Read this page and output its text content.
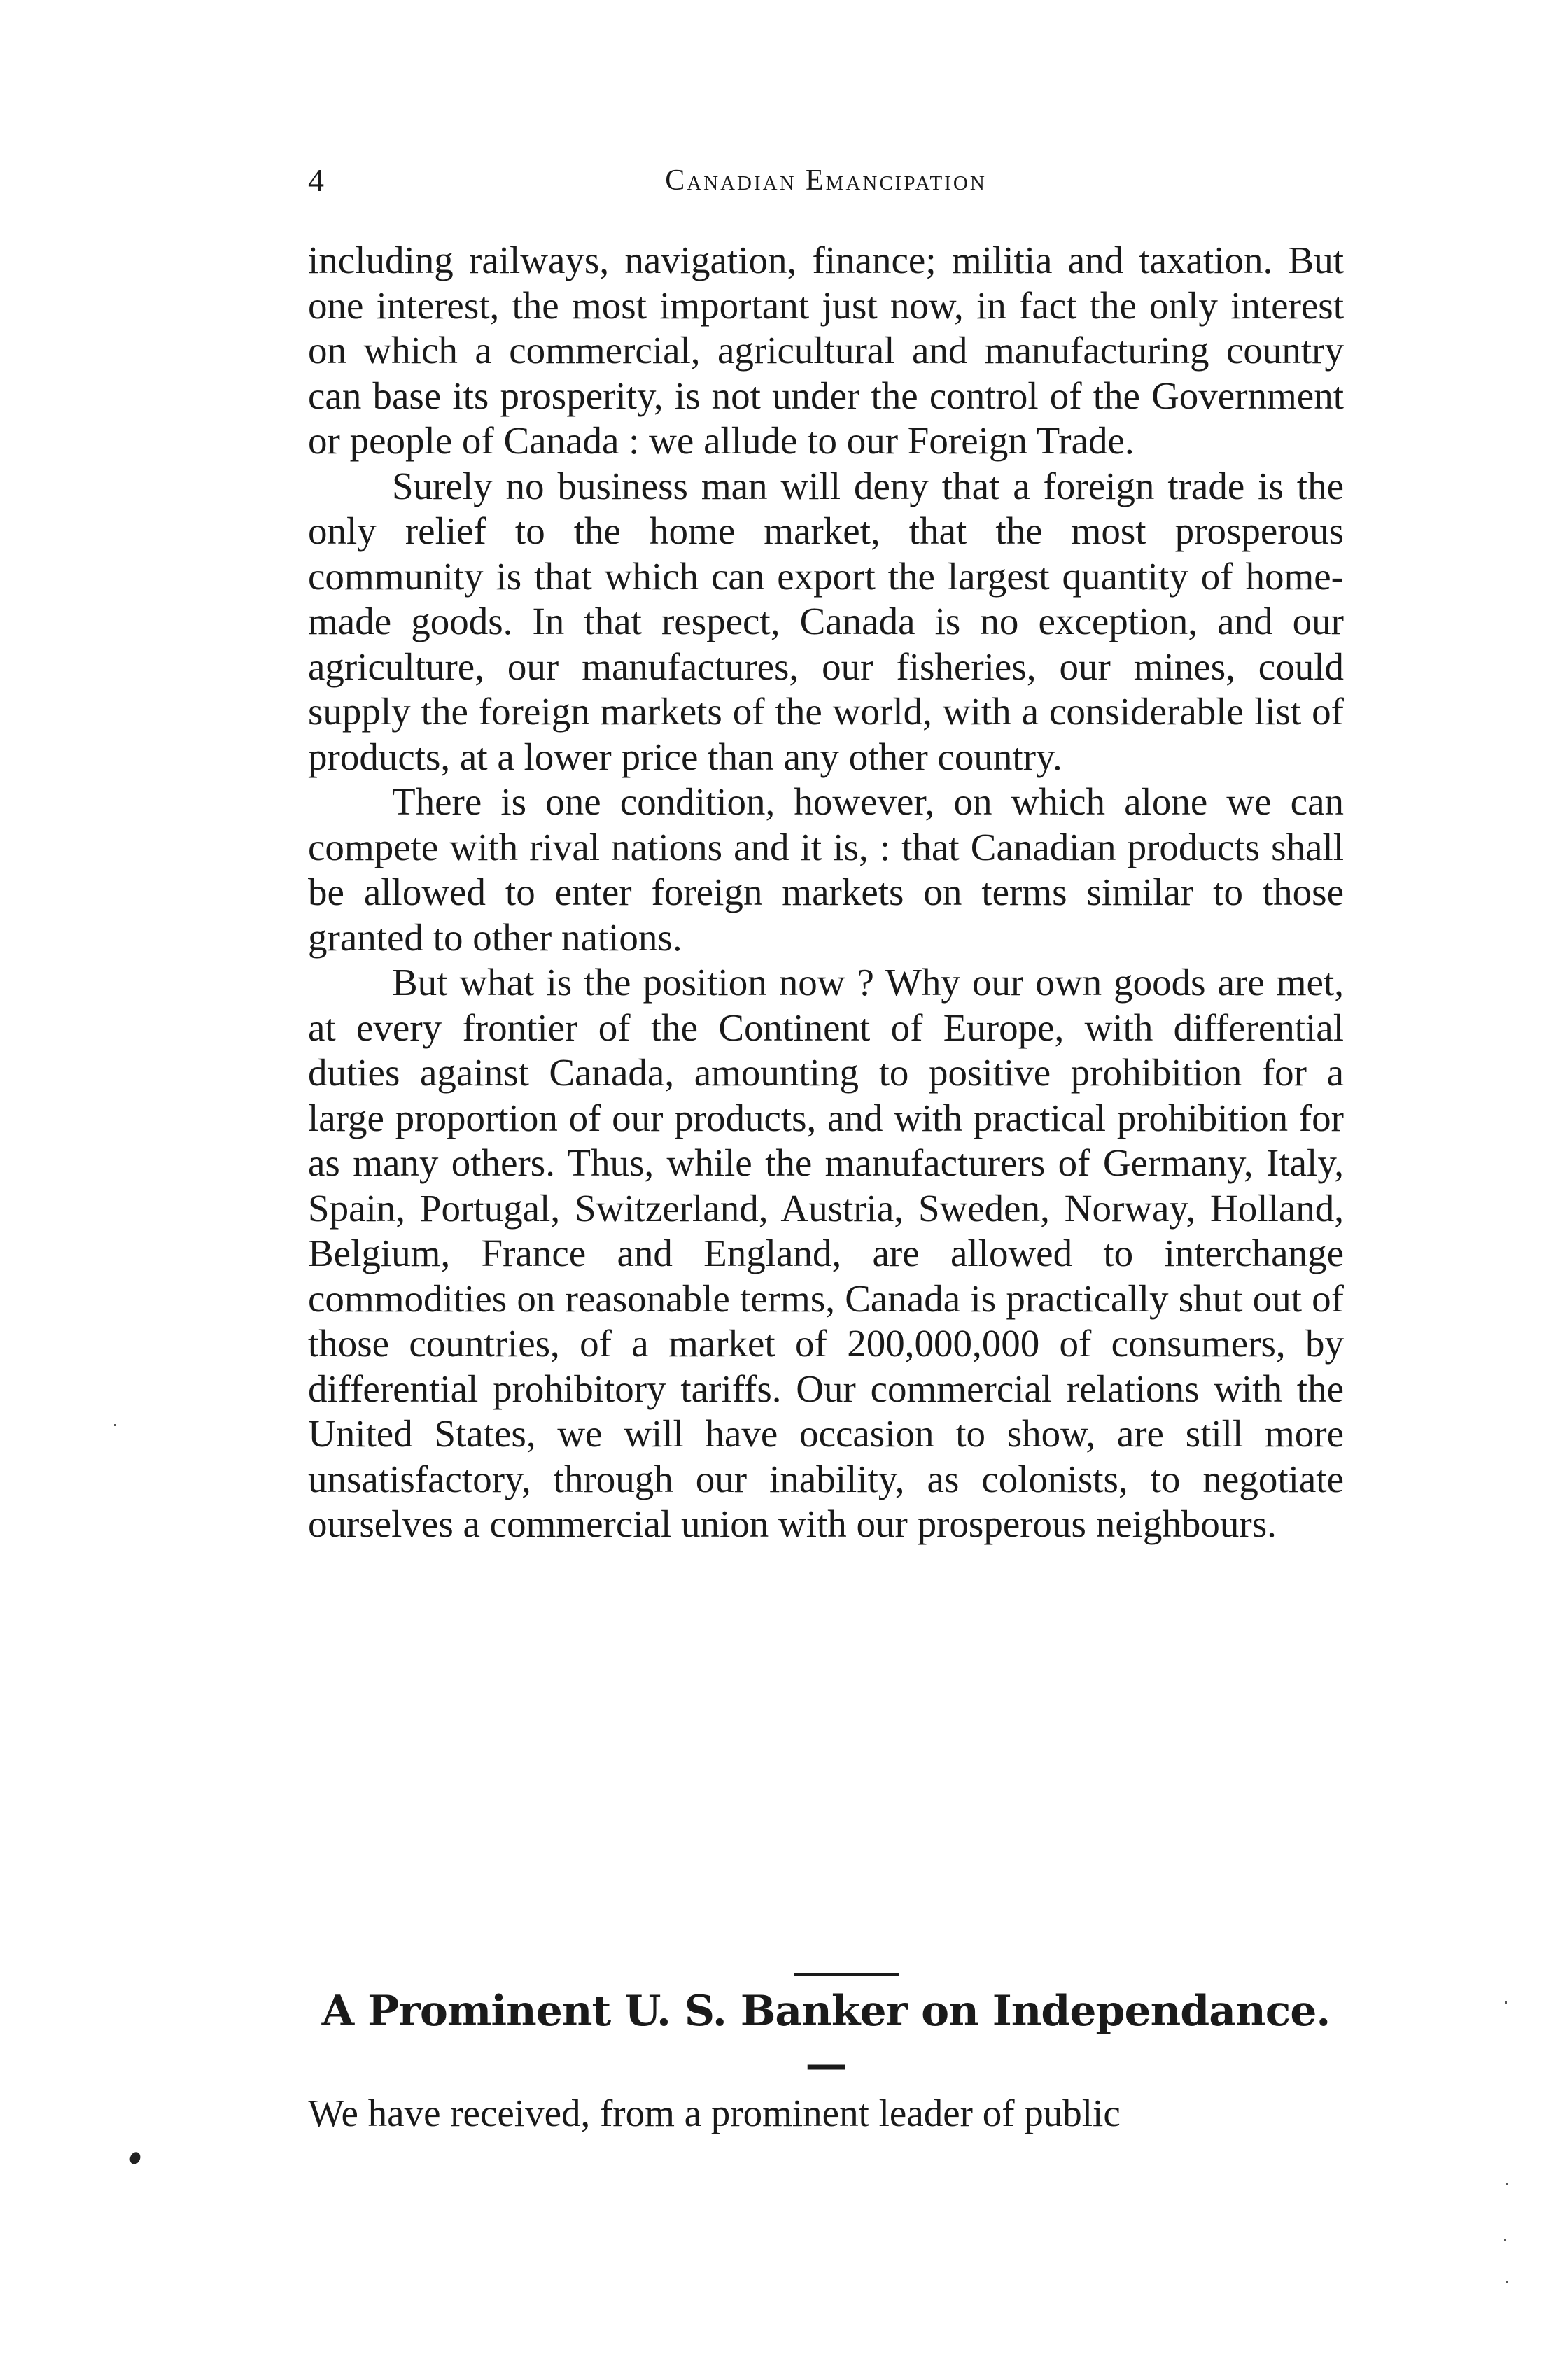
4	Canadian Emancipation

including railways, navigation, finance; militia and taxation. But one interest, the most important just now, in fact the only interest on which a commercial, agricultural and manufacturing country can base its prosperity, is not under the control of the Government or people of Canada : we allude to our Foreign Trade.

Surely no business man will deny that a foreign trade is the only relief to the home market, that the most prosperous community is that which can export the largest quantity of home-made goods. In that respect, Canada is no exception, and our agriculture, our manufactures, our fisheries, our mines, could supply the foreign markets of the world, with a considerable list of products, at a lower price than any other country.

There is one condition, however, on which alone we can compete with rival nations and it is, : that Canadian products shall be allowed to enter foreign markets on terms similar to those granted to other nations.

But what is the position now ? Why our own goods are met, at every frontier of the Continent of Europe, with differential duties against Canada, amounting to positive prohibition for a large proportion of our products, and with practical prohibition for as many others. Thus, while the manufacturers of Germany, Italy, Spain, Portugal, Switzerland, Austria, Sweden, Norway, Holland, Belgium, France and England, are allowed to interchange commodities on reasonable terms, Canada is practically shut out of those countries, of a market of 200,000,000 of consumers, by differential prohibitory tariffs. Our commercial relations with the United States, we will have occasion to show, are still more unsatisfactory, through our inability, as colonists, to negotiate ourselves a commercial union with our prosperous neighbours.

A Prominent U. S. Banker on Independance.—

We have received, from a prominent leader of public
